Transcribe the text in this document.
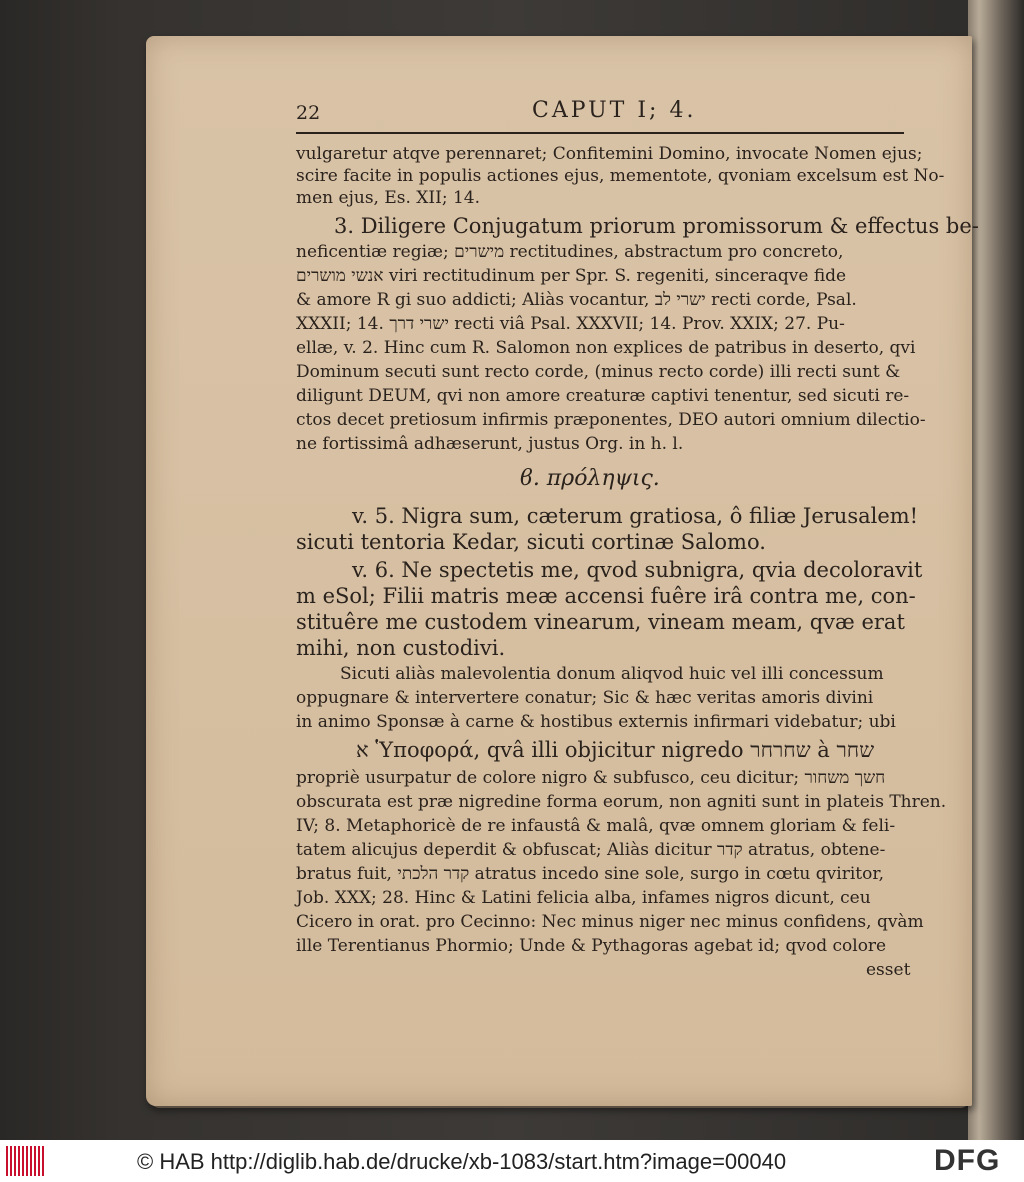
22	CAPUT I; 4.
vulgaretur atqve perennaret; Confitemini Domino, invocate Nomen ejus;
scire facite in populis actiones ejus, mementote, qvoniam excelsum est No-
men ejus, Es. XII; 14.
3. Diligere Conjugatum priorum promissorum & effectus be-
neficentiæ regiæ; מישרים rectitudines, abstractum pro concreto,
אנשי מושרים viri rectitudinum per Spr. S. regeniti, sinceraqve fide
& amore R gi suo addicti; Aliàs vocantur, ישרי לב recti corde, Psal.
XXXII; 14. ישרי דרך recti viâ Psal. XXXVII; 14. Prov. XXIX; 27. Pu-
ellæ, v. 2. Hinc cum R. Salomon non explices de patribus in deserto, qvi
Dominum secuti sunt recto corde, (minus recto corde) illi recti sunt &
diligunt DEUM, qvi non amore creaturæ captivi tenentur, sed sicuti re-
ctos decet pretiosum infirmis præponentes, DEO autori omnium dilectio-
ne fortissimâ adhæserunt, justus Org. in h. l.
ϐ. πρόληψις.
v. 5. Nigra sum, cæterum gratiosa, ô filiæ Jerusalem!
sicuti tentoria Kedar, sicuti cortinæ Salomo.
v. 6. Ne spectetis me, qvod subnigra, qvia decoloravit
m eSol; Filii matris meæ accensi fuêre irâ contra me, con-
stituêre me custodem vinearum, vineam meam, qvæ erat
mihi, non custodivi.
Sicuti aliàs malevolentia donum aliqvod huic vel illi concessum
oppugnare & intervertere conatur; Sic & hæc veritas amoris divini
in animo Sponsæ à carne & hostibus externis infirmari videbatur; ubi
א Ὑποφορά, qvâ illi objicitur nigredo שחרחר à שחר
propriè usurpatur de colore nigro & subfusco, ceu dicitur; חשך משחור
obscurata est præ nigredine forma eorum, non agniti sunt in plateis Thren.
IV; 8. Metaphoricè de re infaustâ & malâ, qvæ omnem gloriam & feli-
tatem alicujus deperdit & obfuscat; Aliàs dicitur קדר atratus, obtene-
bratus fuit, קדר הלכתי atratus incedo sine sole, surgo in cœtu qviritor,
Job. XXX; 28. Hinc & Latini felicia alba, infames nigros dicunt, ceu
Cicero in orat. pro Cecinno: Nec minus niger nec minus confidens, qvàm
ille Terentianus Phormio; Unde & Pythagoras agebat id; qvod colore
esset
© HAB http://diglib.hab.de/drucke/xb-1083/start.htm?image=00040	DFG
